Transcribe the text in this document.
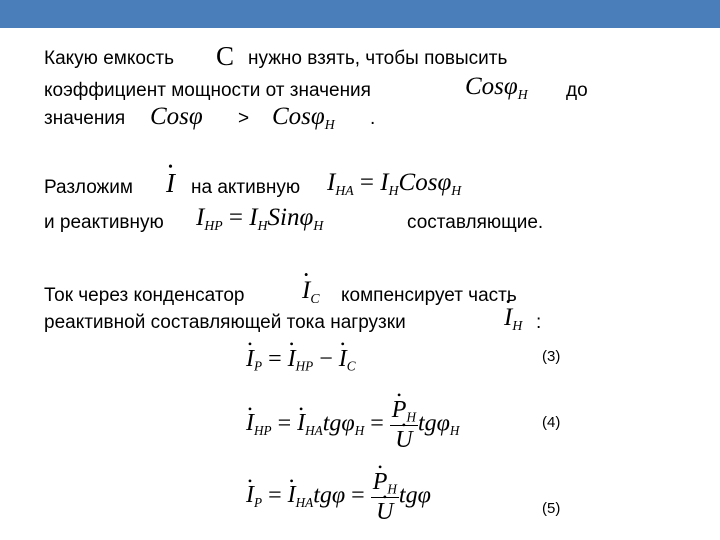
Какую емкость C нужно взять, чтобы повысить
коэффициент мощности от значения	Cosφ$_Н$ до
значения Cosφ > Cosφ$_Н$ .
Разложим • I на активную $I_{НА} = I_НCos\varphi_Н$
и реактивную $I_{НР} = I_НSin\varphi_Н$	составляющие.
Ток через конденсатор • $I_C$ компенсирует часть
реактивной составляющей тока нагрузки	• $I_Н$ :
• $I_Р$ = • $I_{НР}$ − • $I_C$
(3)
• $I_{НР}$ = • $I_{НА}tg\varphi_Н$ = • $P_Н$
• U tgφ$_Н$	(4)
• $I_Р$ = • $I_{НА}tg\varphi$ = • $P_Н$
• U tgφ
(5)
